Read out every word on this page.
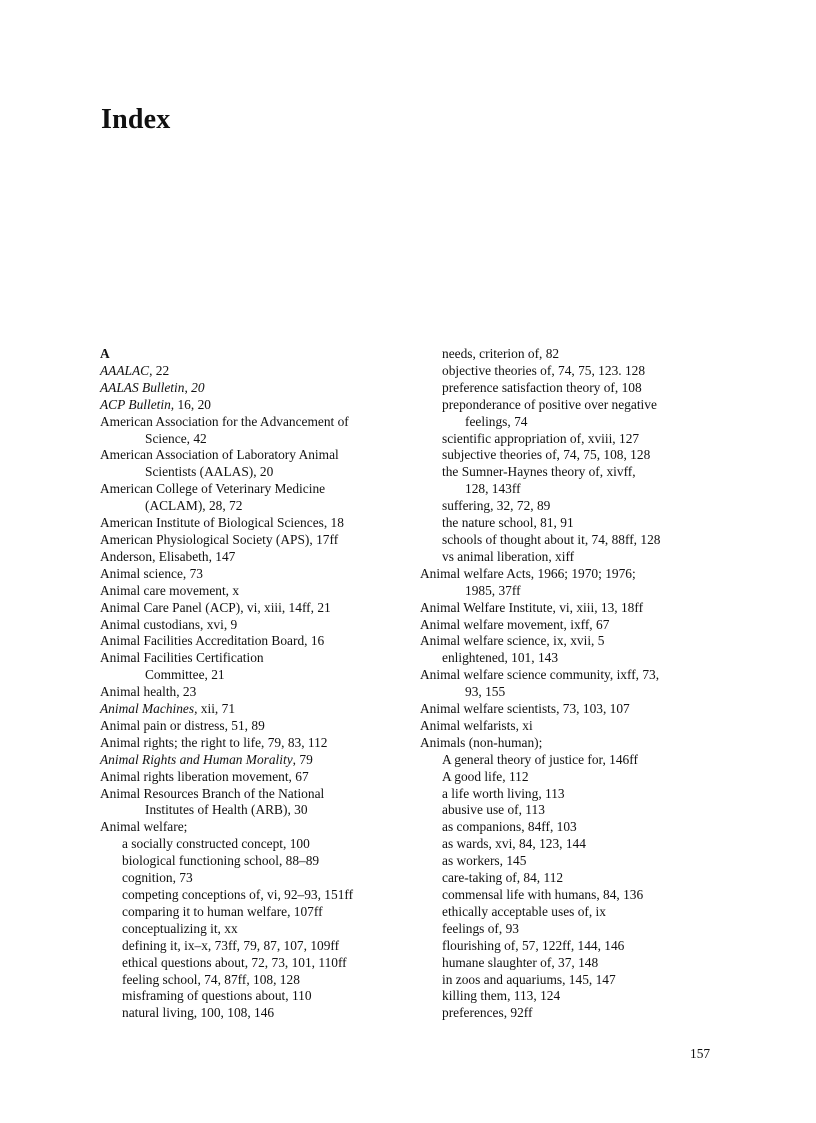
Index
A
AAALAC, 22
AALAS Bulletin, 20
ACP Bulletin, 16, 20
American Association for the Advancement of
Science, 42
American Association of Laboratory Animal
Scientists (AALAS), 20
American College of Veterinary Medicine
(ACLAM), 28, 72
American Institute of Biological Sciences, 18
American Physiological Society (APS), 17ff
Anderson, Elisabeth, 147
Animal science, 73
Animal care movement, x
Animal Care Panel (ACP), vi, xiii, 14ff, 21
Animal custodians, xvi, 9
Animal Facilities Accreditation Board, 16
Animal Facilities Certification
Committee, 21
Animal health, 23
Animal Machines, xii, 71
Animal pain or distress, 51, 89
Animal rights; the right to life, 79, 83, 112
Animal Rights and Human Morality, 79
Animal rights liberation movement, 67
Animal Resources Branch of the National
Institutes of Health (ARB), 30
Animal welfare;
a socially constructed concept, 100
biological functioning school, 88–89
cognition, 73
competing conceptions of, vi, 92–93, 151ff
comparing it to human welfare, 107ff
conceptualizing it, xx
defining it, ix–x, 73ff, 79, 87, 107, 109ff
ethical questions about, 72, 73, 101, 110ff
feeling school, 74, 87ff, 108, 128
misframing of questions about, 110
natural living, 100, 108, 146
needs, criterion of, 82
objective theories of, 74, 75, 123. 128
preference satisfaction theory of, 108
preponderance of positive over negative
feelings, 74
scientific appropriation of, xviii, 127
subjective theories of, 74, 75, 108, 128
the Sumner-Haynes theory of, xivff,
128, 143ff
suffering, 32, 72, 89
the nature school, 81, 91
schools of thought about it, 74, 88ff, 128
vs animal liberation, xiff
Animal welfare Acts, 1966; 1970; 1976;
1985, 37ff
Animal Welfare Institute, vi, xiii, 13, 18ff
Animal welfare movement, ixff, 67
Animal welfare science, ix, xvii, 5
enlightened, 101, 143
Animal welfare science community, ixff, 73,
93, 155
Animal welfare scientists, 73, 103, 107
Animal welfarists, xi
Animals (non-human);
A general theory of justice for, 146ff
A good life, 112
a life worth living, 113
abusive use of, 113
as companions, 84ff, 103
as wards, xvi, 84, 123, 144
as workers, 145
care-taking of, 84, 112
commensal life with humans, 84, 136
ethically acceptable uses of, ix
feelings of, 93
flourishing of, 57, 122ff, 144, 146
humane slaughter of, 37, 148
in zoos and aquariums, 145, 147
killing them, 113, 124
preferences, 92ff
157
